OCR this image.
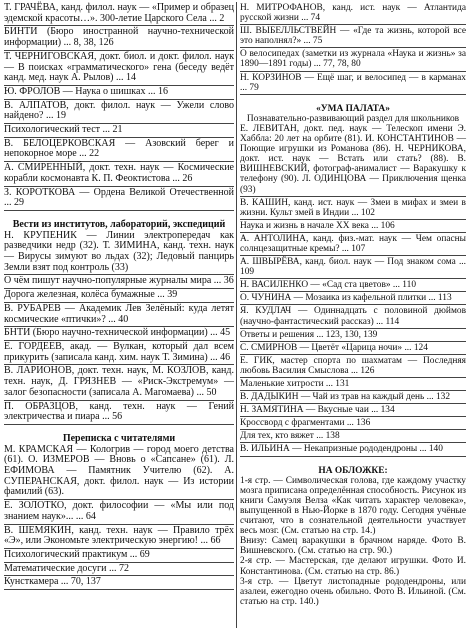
Т. ГРАЧЁВА, канд. филол. наук — «Пример и образец эдемской красоты…». 300-летие Царского Села ... 2

БИНТИ (Бюро иностранной научно-технической информации) ... 8, 38, 126

Т. ЧЕРНИГОВСКАЯ, докт. биол. и докт. филол. наук — В поисках «грамматического» гена (беседу ведёт канд. мед. наук А. Рылов) ... 14

Ю. ФРОЛОВ — Наука о шишках ... 16

В. АЛПАТОВ, докт. филол. наук — Ужели слово найдено? ... 19

Психологический тест ... 21

В. БЕЛОЦЕРКОВСКАЯ — Азовский берег и непокорное море ... 22

А. СМИРЕННЫЙ, докт. техн. наук — Космические корабли космонавта К. П. Феоктистова ... 26

З. КОРОТКОВА — Ордена Великой Отечественной ... 29

Вести из институтов, лабораторий, экспедиций

Н. КРУПЕНИК — Линии электропередач как разведчики недр (32). Т. ЗИМИНА, канд. техн. наук — Вирусы зимуют во льдах (32); Ледовый панцирь Земли взят под контроль (33)

О чём пишут научно-популярные журналы мира ... 36

Дорога железная, колёса бумажные ... 39

В. РУБАРЕВ — Академик Лев Зелёный: куда летят космические «птички»? ... 40

БНТИ (Бюро научно-технической информации) ... 45

Е. ГОРДЕЕВ, акад. — Вулкан, который дал всем прикурить (записала канд. хим. наук Т. Зимина) ... 46

В. ЛАРИОНОВ, докт. техн. наук, М. КОЗЛОВ, канд. техн. наук, Д. ГРЯЗНЕВ — «Риск-Экстремум» — залог безопасности (записала А. Магомаева) ... 50

П. ОБРАЗЦОВ, канд. техн. наук — Гений электричества и пиара ... 56

Переписка с читателями

М. КРАМСКАЯ — Кологрив — город моего детства (61). О. ИЗМЕРОВ — Вновь о «Сапсане» (61). Л. ЕФИМОВА — Памятник Учителю (62). А. СУПЕРАНСКАЯ, докт. филол. наук — Из истории фамилий (63).

Е. ЗОЛОТКО, докт. философии — «Мы или под знанием наук»... ... 64

В. ШЕМЯКИН, канд. техн. наук — Правило трёх «Э», или Экономьте электрическую энергию! ... 66

Психологический практикум ... 69

Математические досуги ... 72

Кунсткамера ... 70, 137

Н. МИТРОФАНОВ, канд. ист. наук — Атлантида русской жизни ... 74

Ш. ВЫБЕЛЛЬСТВЕЙН — «Где та жизнь, которой все это наполнял?» ... 75

О велосипедах (заметки из журнала «Наука и жизнь» за 1890—1891 годы) ... 77, 78, 80

Н. КОРЗИНОВ — Ещё шаг, и велосипед — в карманах ... 79

«УМА ПАЛАТА»
Познавательно-развивающий раздел для школьников

Е. ЛЕВИТАН, докт. пед. наук — Телескоп имени Э. Хаббла: 20 лет на орбите (81). И. КОНСТАНТИНОВ — Поющие игрушки из Романова (86). Н. ЧЕРНИКОВА, докт. ист. наук — Встать или стать? (88). В. ВИШНЕВСКИЙ, фотограф-анималист — Варакушку к телефону (90). Л. ОДИНЦОВА — Приключения щенка (93)

В. КАШИН, канд. ист. наук — Змеи в мифах и змеи в жизни. Культ змей в Индии ... 102

Наука и жизнь в начале XX века ... 106

А. АНТОЛИНА, канд. физ.-мат. наук — Чем опасны солнцезащитные кремы? ... 107

А. ШВЫРЁВА, канд. биол. наук — Под знаком сома ... 109

Н. ВАСИЛЕНКО — «Сад ста цветов» ... 110

О. ЧУНИНА — Мозаика из кафельной плитки ... 113

Я. КУДЛАЧ — Одиннадцать с половиной дюймов (научно-фантастический рассказ) ... 114

Ответы и решения ... 123, 130, 139

С. СМИРНОВ — Цветёт «Царица ночи» ... 124

Е. ГИК, мастер спорта по шахматам — Последняя любовь Василия Смыслова ... 126

Маленькие хитрости ... 131

В. ДАДЫКИН — Чай из трав на каждый день ... 132

Н. ЗАМЯТИНА — Вкусные чаи ... 134

Кроссворд с фрагментами ... 136

Для тех, кто вяжет ... 138

В. ИЛЬИНА — Некапризные рододендроны ... 140

НА ОБЛОЖКЕ:

1-я стр. — Символическая голова, где каждому участку мозга приписана определённая способность. Рисунок из книги Самуэля Велза «Как читать характер человека», выпущенной в Нью-Йорке в 1870 году. Сегодня учёные считают, что в сознательной деятельности участвует весь мозг. (См. статью на стр. 14.)

Внизу: Самец варакушки в брачном наряде. Фото В. Вишневского. (См. статью на стр. 90.)

2-я стр. — Мастерская, где делают игрушки. Фото И. Константинова. (См. статью на стр. 86.)

3-я стр. — Цветут листопадные рододендроны, или азалеи, ежегодно очень обильно. Фото В. Ильиной. (См. статью на стр. 140.)
